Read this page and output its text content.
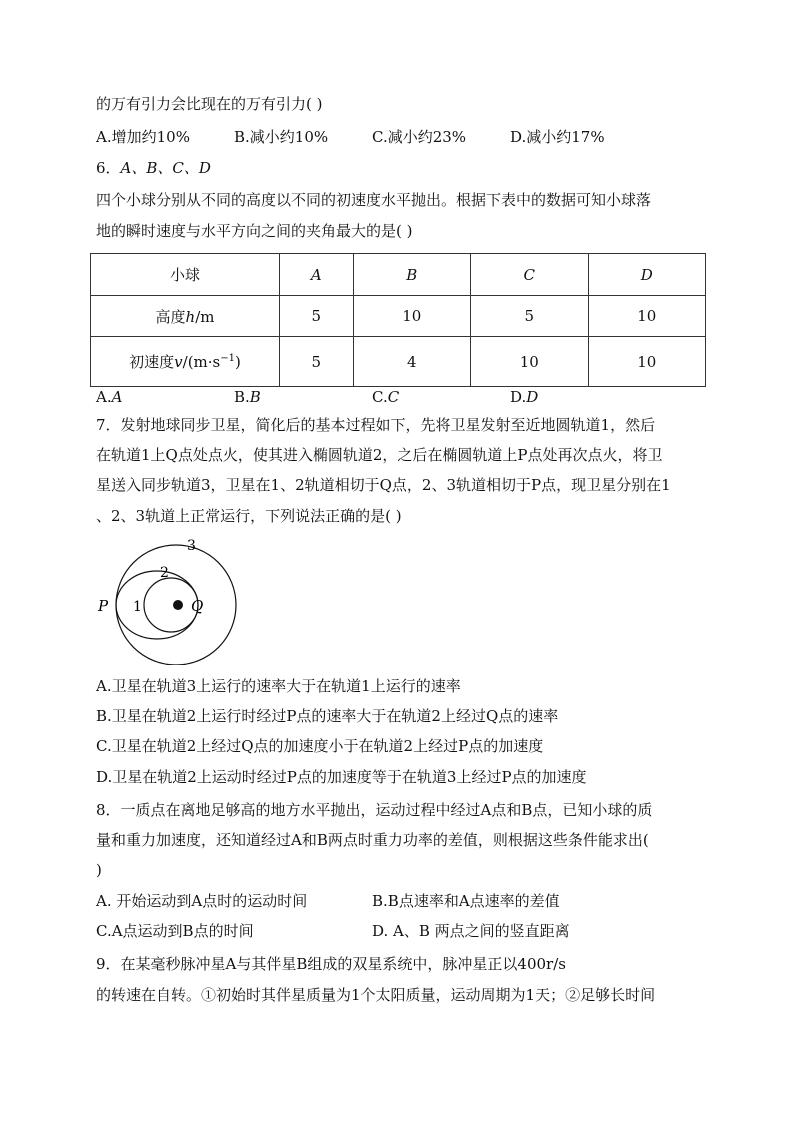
的万有引力会比现在的万有引力( )
A.增加约10%	B.减小约10%	C.减小约23%	D.减小约17%
6．A、B、C、D
四个小球分别从不同的高度以不同的初速度水平抛出。根据下表中的数据可知小球落
地的瞬时速度与水平方向之间的夹角最大的是( )
小球	A	B	C	D
高度h/m	5	10	5	10
初速度$v/(m\cdot s^{-1})$	5	4	10	10
A.A	B.B	C.C	D.D
7．发射地球同步卫星，简化后的基本过程如下，先将卫星发射至近地圆轨道1，然后
在轨道1上Q点处点火，使其进入椭圆轨道2，之后在椭圆轨道上P点处再次点火，将卫
星送入同步轨道3，卫星在1、2轨道相切于Q点，2、3轨道相切于P点，现卫星分别在1
、2、3轨道上正常运行，下列说法正确的是( )
3
2
1
P	Q
A.卫星在轨道3上运行的速率大于在轨道1上运行的速率
B.卫星在轨道2上运行时经过P点的速率大于在轨道2上经过Q点的速率
C.卫星在轨道2上经过Q点的加速度小于在轨道2上经过P点的加速度
D.卫星在轨道2上运动时经过P点的加速度等于在轨道3上经过P点的加速度
8．一质点在离地足够高的地方水平抛出，运动过程中经过A点和B点，已知小球的质
量和重力加速度，还知道经过A和B两点时重力功率的差值，则根据这些条件能求出(
)
A. 开始运动到A点时的运动时间	B.B点速率和A点速率的差值
C.A点运动到B点的时间	D. A、B 两点之间的竖直距离
9．在某毫秒脉冲星A与其伴星B组成的双星系统中，脉冲星正以400r/s
的转速在自转。①初始时其伴星质量为1个太阳质量，运动周期为1天；②足够长时间
